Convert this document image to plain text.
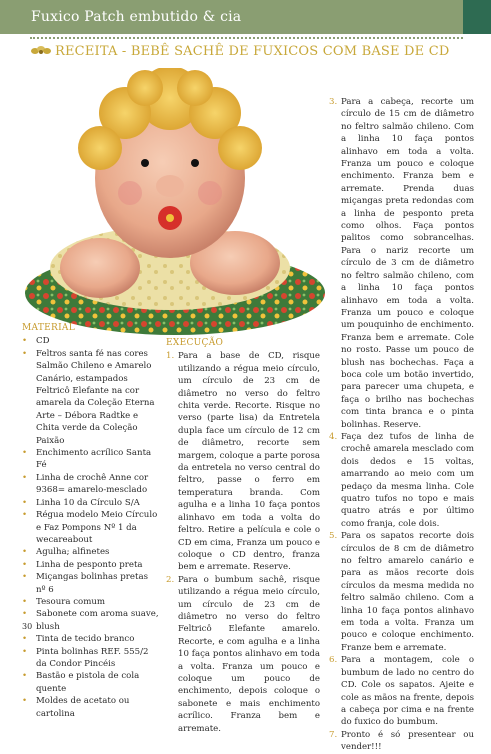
Fuxico Patch embutido & cia
RECEITA - BEBÊ SACHÊ DE FUXICOS COM BASE DE CD
MATERIAL
• CD
• Feltros santa fé nas cores Salmão Chileno e Amarelo Canário, estampados Feltricô Elefante na cor amarela da Coleção Eterna Arte – Débora Radtke e Chita verde da Coleção Paixão
• Enchimento acrílico Santa Fé
• Linha de crochê Anne cor 9368= amarelo-mesclado
• Linha 10 da Círculo S/A
• Régua modelo Meio Círculo e Faz Pompons Nº 1 da wecareabout
• Agulha; alfinetes
• Linha de pesponto preta
• Miçangas bolinhas pretas nº 6
• Tesoura comum
• Sabonete com aroma suave, blush
• Tinta de tecido branco
• Pinta bolinhas REF. 555/2 da Condor Pincéis
• Bastão e pistola de cola quente
• Moldes de acetato ou cartolina
EXECUÇÃO
1. Para a base de CD, risque utilizando a régua meio círculo, um círculo de 23 cm de diâmetro no verso do feltro chita verde. Recorte. Risque no verso (parte lisa) da Entretela dupla face um círculo de 12 cm de diâmetro, recorte sem margem, coloque a parte porosa da entretela no verso central do feltro, passe o ferro em temperatura branda. Com agulha e a linha 10 faça pontos alinhavo em toda a volta do feltro. Retire a película e cole o CD em cima, Franza um pouco e coloque o CD dentro, franza bem e arremate. Reserve.
2. Para o bumbum sachê, risque utilizando a régua meio círculo, um círculo de 23 cm de diâmetro no verso do feltro Feltricô Elefante amarelo. Recorte, e com agulha e a linha 10 faça pontos alinhavo em toda a volta. Franza um pouco e coloque um pouco de enchimento, depois coloque o sabonete e mais enchimento acrílico. Franza bem e arremate.
3. Para a cabeça, recorte um círculo de 15 cm de diâmetro no feltro salmão chileno. Com a linha 10 faça pontos alinhavo em toda a volta. Franza um pouco e coloque enchimento. Franza bem e arremate. Prenda duas miçangas preta redondas com a linha de pesponto preta como olhos. Faça pontos palitos como sobrancelhas. Para o nariz recorte um círculo de 3 cm de diâmetro no feltro salmão chileno, com a linha 10 faça pontos alinhavo em toda a volta. Franza um pouco e coloque um pouquinho de enchimento. Franza bem e arremate. Cole no rosto. Passe um pouco de blush nas bochechas. Faça a boca cole um botão invertido, para parecer uma chupeta, e faça o brilho nas bochechas com tinta branca e o pinta bolinhas. Reserve.
4. Faça dez tufos de linha de crochê amarela mesclado com dois dedos e 15 voltas, amarrando ao meio com um pedaço da mesma linha. Cole quatro tufos no topo e mais quatro atrás e por último como franja, cole dois.
5. Para os sapatos recorte dois círculos de 8 cm de diâmetro no feltro amarelo canário e para as mãos recorte dois círculos da mesma medida no feltro salmão chileno. Com a linha 10 faça pontos alinhavo em toda a volta. Franza um pouco e coloque enchimento. Franze bem e arremate.
6. Para a montagem, cole o bumbum de lado no centro do CD. Cole os sapatos. Ajeite e cole as mãos na frente, depois a cabeça por cima e na frente do fuxico do bumbum.
7. Pronto é só presentear ou vender!!!
30
